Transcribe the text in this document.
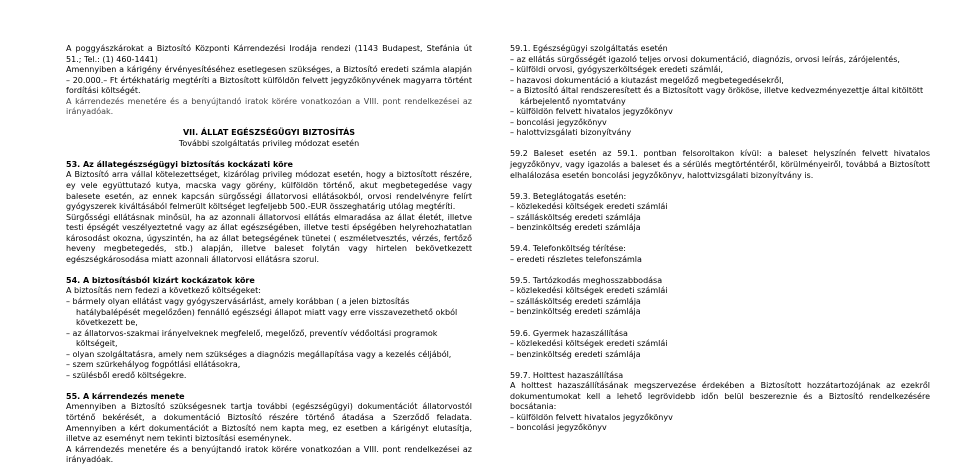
A poggyászkárokat a Biztosító Központi Kárrendezési Irodája rendezi (1143 Budapest, Stefánia út 51.; Tel.: (1) 460-1441)

Amennyiben a kárigény érvényesítéséhez esetlegesen szükséges, a Biztosító eredeti számla alapján – 20.000.– Ft értékhatárig megtéríti a Biztosított külföldön felvett jegyzőkönyvének magyarra történt fordítási költségét.

A kárrendezés menetére és a benyújtandó iratok körére vonatkozóan a VIII. pont rendelkezései az irányadóak.

VII. ÁLLAT EGÉSZSÉGÜGYI BIZTOSÍTÁS

További szolgáltatás privileg módozat esetén

53. Az állategészségügyi biztosítás kockázati köre

A Biztosító arra vállal kötelezettséget, kizárólag privileg módozat esetén, hogy a biztosított részére, ey vele együttutazó kutya, macska vagy görény, külföldön történő, akut megbetegedése vagy balesete esetén, az ennek kapcsán sürgősségi állatorvosi ellátásokból, orvosi rendelvényre felírt gyógyszerek kiváltásából felmerült költséget legfeljebb 500.-EUR összeghatárig utólag megtéríti.

Sürgősségi ellátásnak minősül, ha az azonnali állatorvosi ellátás elmaradása az állat életét, illetve testi épségét veszélyeztetné vagy az állat egészségében, illetve testi épségében helyrehozhatatlan károsodást okozna, úgyszintén, ha az állat betegségének tünetei ( eszméletvesztés, vérzés, fertőző heveny megbetegedés, stb.) alapján, illetve baleset folytán vagy hirtelen bekövetkezett egészségkárosodása miatt azonnali állatorvosi ellátásra szorul.

54. A biztosításból kizárt kockázatok köre

A biztosítás nem fedezi a következő költségeket:

– bármely olyan ellátást vagy gyógyszervásárlást, amely korábban ( a jelen biztosítás hatálybalépését megelőzően) fennálló egészségi állapot miatt vagy erre visszavezethető okból következett be,
– az állatorvos-szakmai irányelveknek megfelelő, megelőző, preventív védőoltási programok költségeit,
– olyan szolgáltatásra, amely nem szükséges a diagnózis megállapítása vagy a kezelés céljából,
– szem szürkehályog fogpótlási ellátásokra,
– szülésből eredő költségekre.

55. A kárrendezés menete

Amennyiben a Biztosító szükségesnek tartja további (egészségügyi) dokumentációt állatorvostól történő bekérését, a dokumentáció Biztosító részére történő átadása a Szerződő feladata. Amennyiben a kért dokumentációt a Biztosító nem kapta meg, ez esetben a kárigényt elutasítja, illetve az eseményt nem tekinti biztosítási eseménynek.

A kárrendezés menetére és a benyújtandó iratok körére vonatkozóan a VIII. pont rendelkezései az irányadóak.

59.1. Egészségügyi szolgáltatás esetén

– az ellátás sürgősségét igazoló teljes orvosi dokumentáció, diagnózis, orvosi leírás, zárójelentés,
– külföldi orvosi, gyógyszerköltségek eredeti számlái,
– hazavosi dokumentáció a kiutazást megelőző megbetegedésekről,
– a Biztosító által rendszeresített és a Biztosított vagy örököse, illetve kedvezményezettje által kitöltött kárbejelentő nyomtatvány
– külföldön felvett hivatalos jegyzőkönyv
– boncolási jegyzőkönyv
– halottvizsgálati bizonyítvány

59.2 Baleset esetén az 59.1. pontban felsoroltakon kívül: a baleset helyszínén felvett hivatalos jegyzőkönyv, vagy igazolás a baleset és a sérülés megtörténtéről, körülményeiről, továbbá a Biztosított elhalálozása esetén boncolási jegyzőkönyv, halottvizsgálati bizonyítvány is.

59.3. Beteglátogatás esetén:

– közlekedési költségek eredeti számlái
– szállásköltség eredeti számlája
– benzinköltség eredeti számlája

59.4. Telefonköltség térítése:

– eredeti részletes telefonszámla

59.5. Tartózkodás meghosszabbodása

– közlekedési költségek eredeti számlái
– szállásköltség eredeti számlája
– benzinköltség eredeti számlája

59.6. Gyermek hazaszállítása

– közlekedési költségek eredeti számlái
– benzinköltség eredeti számlája

59.7. Holttest hazaszállítása

A holttest hazaszállításának megszervezése érdekében a Biztosított hozzátartozójának az ezekről dokumentumokat kell a lehető legrövidebb időn belül beszereznie és a Biztosító rendelkezésére bocsátania:

– külföldön felvett hivatalos jegyzőkönyv
– boncolási jegyzőkönyv
